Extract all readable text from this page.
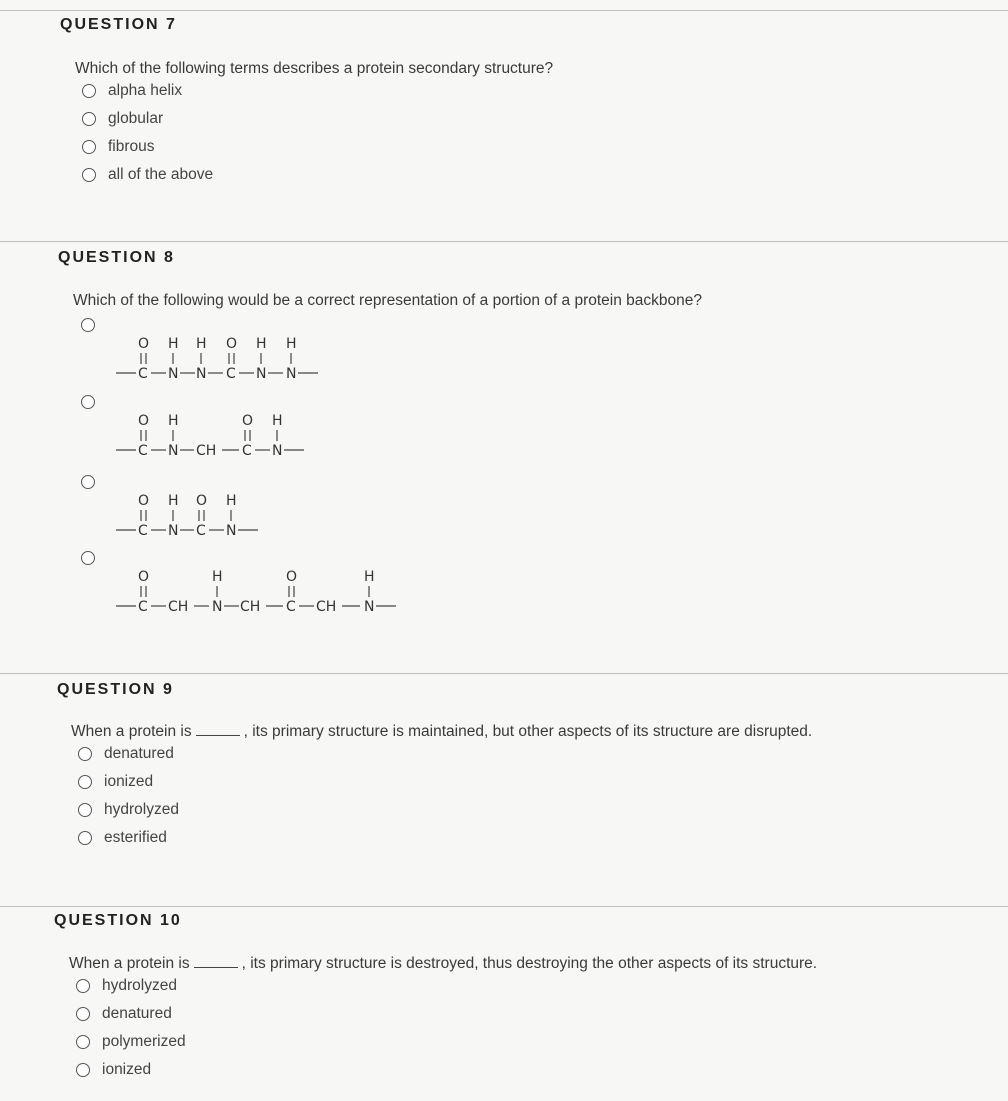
QUESTION 7
Which of the following terms describes a protein secondary structure?
alpha helix
globular
fibrous
all of the above
QUESTION 8
Which of the following would be a correct representation of a portion of a protein backbone?
O H H O H H
C N N C N N
O H	O H
C N CH C N
O H O H
C N C N
O	H	O	H
C CH N CH C CH N
QUESTION 9
When a protein is	, its primary structure is maintained, but other aspects of its structure are disrupted.
denatured
ionized
hydrolyzed
esterified
QUESTION 10
When a protein is	, its primary structure is destroyed, thus destroying the other aspects of its structure.
hydrolyzed
denatured
polymerized
ionized
